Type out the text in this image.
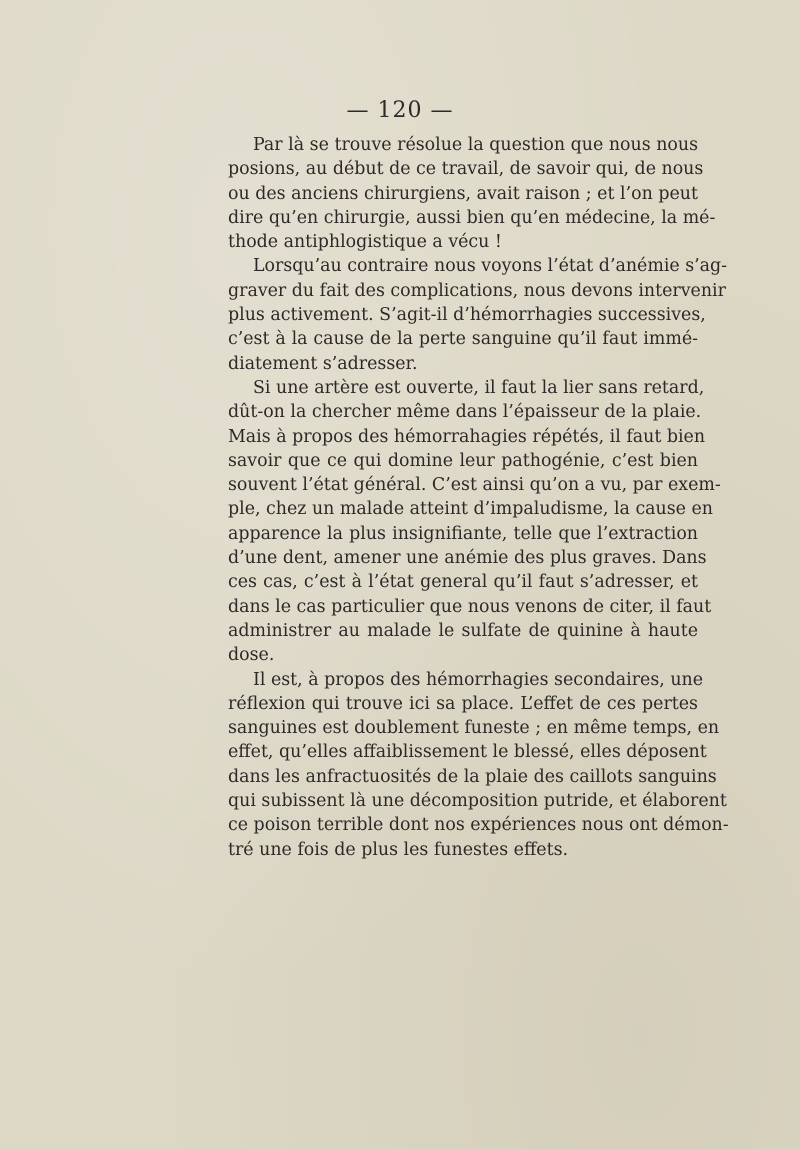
— 120 —
Par là se trouve résolue la question que nous nous
posions, au début de ce travail, de savoir qui, de nous
ou des anciens chirurgiens, avait raison ; et l’on peut
dire qu’en chirurgie, aussi bien qu’en médecine, la mé-
thode antiphlogistique a vécu !
Lorsqu’au contraire nous voyons l’état d’anémie s’ag-
graver du fait des complications, nous devons intervenir
plus activement. S’agit-il d’hémorrhagies successives,
c’est à la cause de la perte sanguine qu’il faut immé-
diatement s’adresser.
Si une artère est ouverte, il faut la lier sans retard,
dût-on la chercher même dans l’épaisseur de la plaie.
Mais à propos des hémorrahagies répétés, il faut bien
savoir que ce qui domine leur pathogénie, c’est bien
souvent l’état général. C’est ainsi qu’on a vu, par exem-
ple, chez un malade atteint d’impaludisme, la cause en
apparence la plus insignifiante, telle que l’extraction
d’une dent, amener une anémie des plus graves. Dans
ces cas, c’est à l’état general qu’il faut s’adresser, et
dans le cas particulier que nous venons de citer, il faut
administrer au malade le sulfate de quinine à haute
dose.
Il est, à propos des hémorrhagies secondaires, une
réflexion qui trouve ici sa place. L’effet de ces pertes
sanguines est doublement funeste ; en même temps, en
effet, qu’elles affaiblissement le blessé, elles déposent
dans les anfractuosités de la plaie des caillots sanguins
qui subissent là une décomposition putride, et élaborent
ce poison terrible dont nos expériences nous ont démon-
tré une fois de plus les funestes effets.
